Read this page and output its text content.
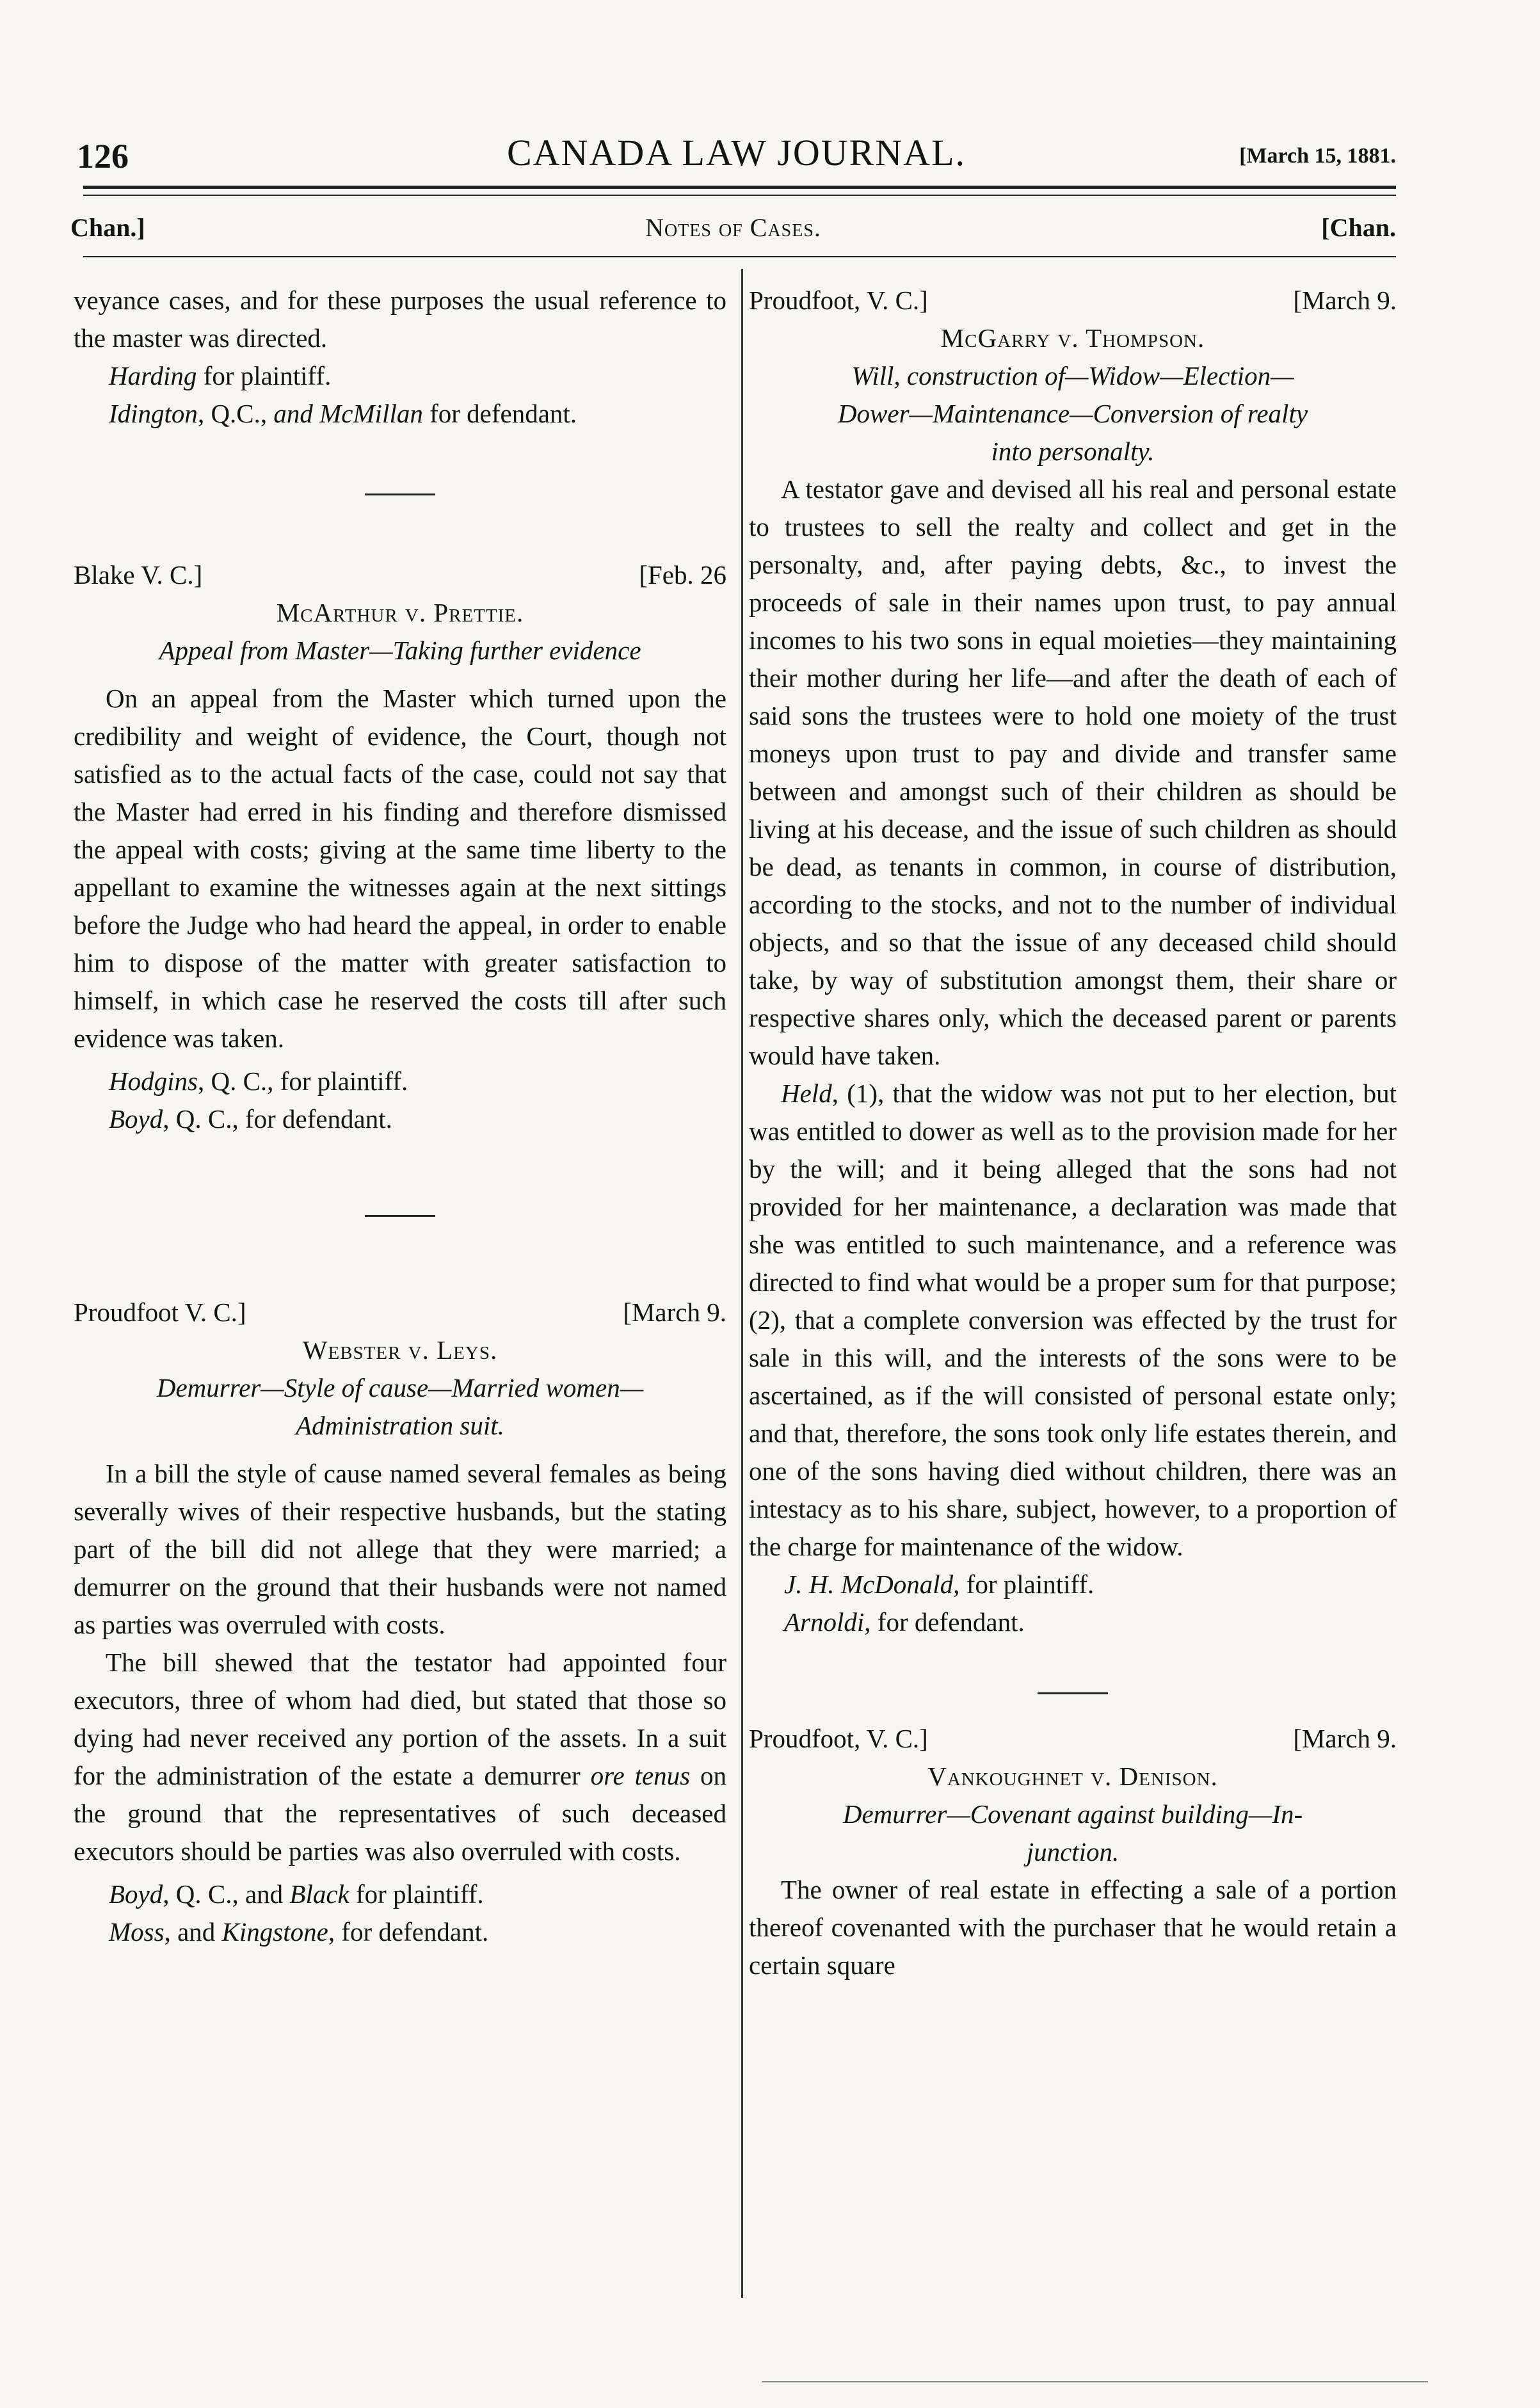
126	CANADA LAW JOURNAL.	[March 15, 1881.
Chan.]	Notes of Cases.	[Chan.

veyance cases, and for these purposes the usual reference to the master was directed.

Harding for plaintiff.

Idington, Q.C., and McMillan for defendant.

Blake V. C.]	[Feb. 26
McArthur v. Prettie.
Appeal from Master—Taking further evidence

On an appeal from the Master which turned upon the credibility and weight of evidence, the Court, though not satisfied as to the actual facts of the case, could not say that the Master had erred in his finding and therefore dismissed the appeal with costs; giving at the same time liberty to the appellant to examine the witnesses again at the next sittings before the Judge who had heard the appeal, in order to enable him to dispose of the matter with greater satisfaction to himself, in which case he reserved the costs till after such evidence was taken.

Hodgins, Q. C., for plaintiff.

Boyd, Q. C., for defendant.

Proudfoot V. C.]	[March 9.
Webster v. Leys.
Demurrer—Style of cause—Married women—
Administration suit.

In a bill the style of cause named several females as being severally wives of their respective husbands, but the stating part of the bill did not allege that they were married; a demurrer on the ground that their husbands were not named as parties was overruled with costs.

The bill shewed that the testator had appointed four executors, three of whom had died, but stated that those so dying had never received any portion of the assets. In a suit for the administration of the estate a demurrer ore tenus on the ground that the representatives of such deceased executors should be parties was also overruled with costs.

Boyd, Q. C., and Black for plaintiff.

Moss, and Kingstone, for defendant.

Proudfoot, V. C.]	[March 9.
McGarry v. Thompson.
Will, construction of—Widow—Election—
Dower—Maintenance—Conversion of realty
into personalty.

A testator gave and devised all his real and personal estate to trustees to sell the realty and collect and get in the personalty, and, after paying debts, &c., to invest the proceeds of sale in their names upon trust, to pay annual incomes to his two sons in equal moieties—they maintaining their mother during her life—and after the death of each of said sons the trustees were to hold one moiety of the trust moneys upon trust to pay and divide and transfer same between and amongst such of their children as should be living at his decease, and the issue of such children as should be dead, as tenants in common, in course of distribution, according to the stocks, and not to the number of individual objects, and so that the issue of any deceased child should take, by way of substitution amongst them, their share or respective shares only, which the deceased parent or parents would have taken.

Held, (1), that the widow was not put to her election, but was entitled to dower as well as to the provision made for her by the will; and it being alleged that the sons had not provided for her maintenance, a declaration was made that she was entitled to such maintenance, and a reference was directed to find what would be a proper sum for that purpose; (2), that a complete conversion was effected by the trust for sale in this will, and the interests of the sons were to be ascertained, as if the will consisted of personal estate only; and that, therefore, the sons took only life estates therein, and one of the sons having died without children, there was an intestacy as to his share, subject, however, to a proportion of the charge for maintenance of the widow.

J. H. McDonald, for plaintiff.

Arnoldi, for defendant.

Proudfoot, V. C.]	[March 9.
Vankoughnet v. Denison.
Demurrer—Covenant against building—In-
junction.

The owner of real estate in effecting a sale of a portion thereof covenanted with the purchaser that he would retain a certain square
